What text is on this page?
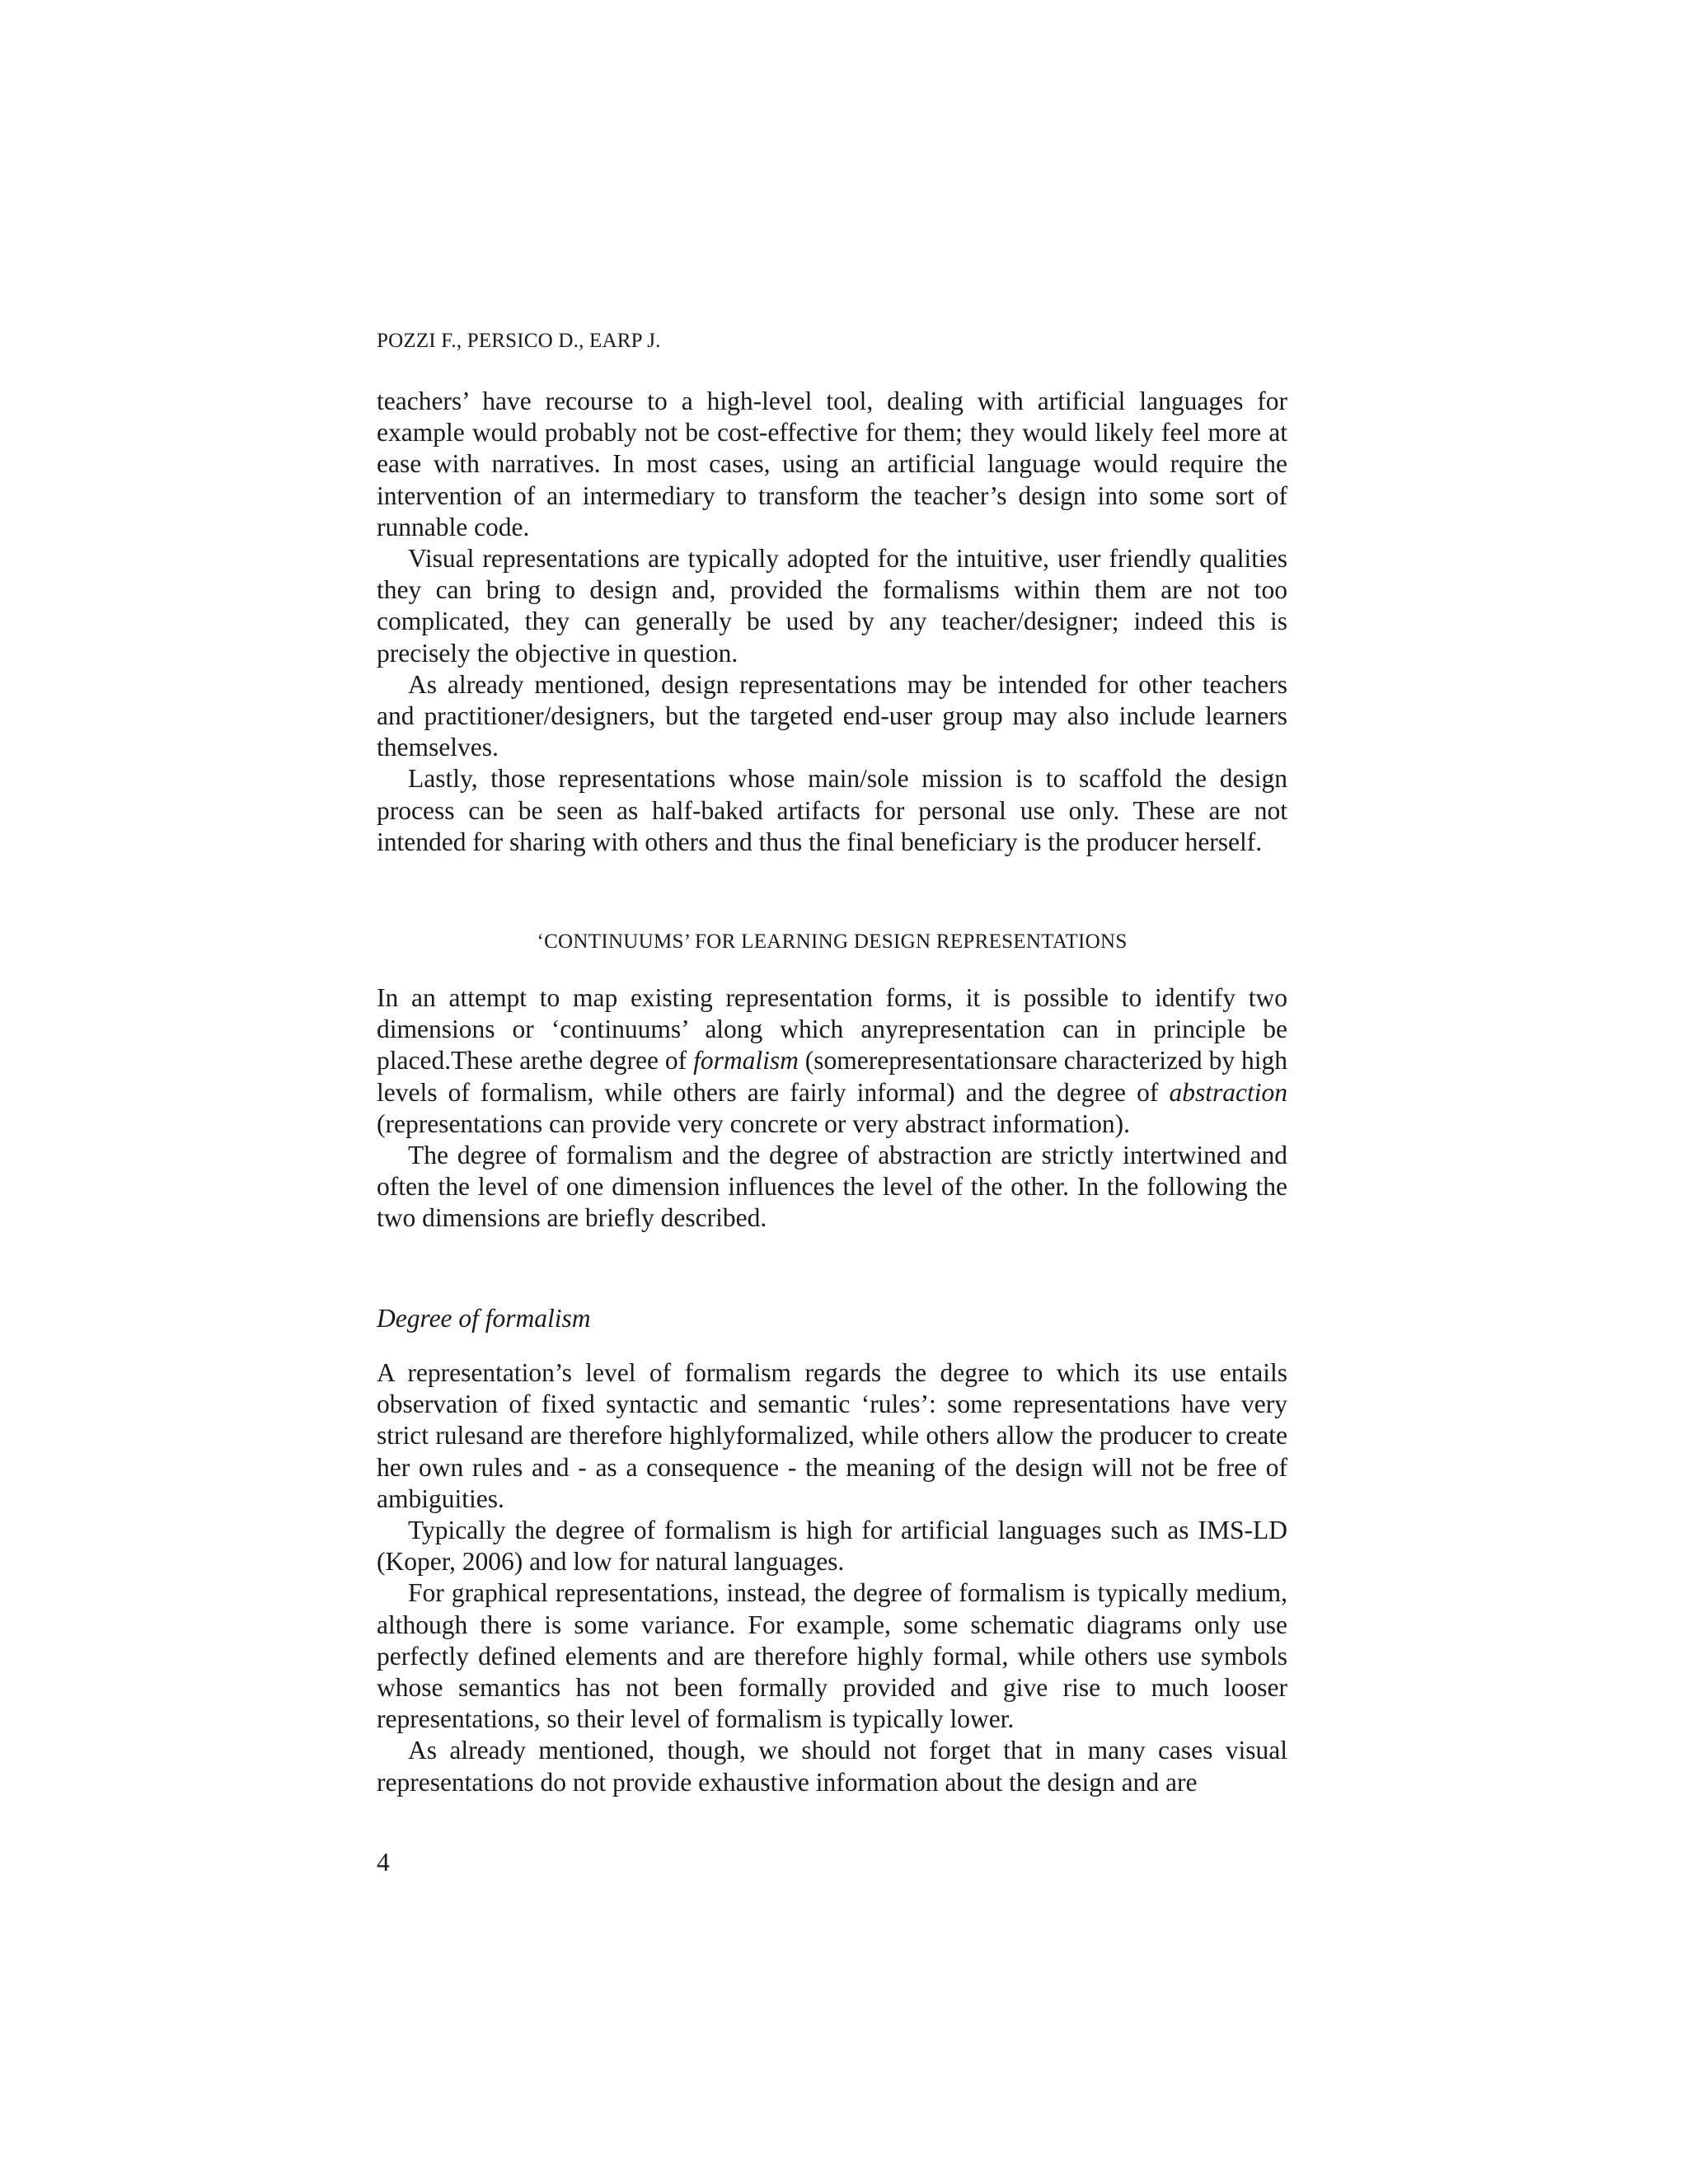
POZZI F., PERSICO D., EARP J.

teachers’ have recourse to a high-level tool, dealing with artificial languages for example would probably not be cost-effective for them; they would likely feel more at ease with narratives. In most cases, using an artificial language would require the intervention of an intermediary to transform the teacher’s design into some sort of runnable code.

Visual representations are typically adopted for the intuitive, user friendly qualities they can bring to design and, provided the formalisms within them are not too complicated, they can generally be used by any teacher/designer; indeed this is precisely the objective in question.

As already mentioned, design representations may be intended for other teachers and practitioner/designers, but the targeted end-user group may also include learners themselves.

Lastly, those representations whose main/sole mission is to scaffold the design process can be seen as half-baked artifacts for personal use only. These are not intended for sharing with others and thus the final beneficiary is the producer herself.

‘CONTINUUMS’ FOR LEARNING DESIGN REPRESENTATIONS

In an attempt to map existing representation forms, it is possible to identify two dimensions or ‘continuums’ along which anyrepresentation can in principle be placed.These arethe degree of formalism (somerepresentationsare characterized by high levels of formalism, while others are fairly informal) and the degree of abstraction (representations can provide very concrete or very abstract information).

The degree of formalism and the degree of abstraction are strictly intertwined and often the level of one dimension influences the level of the other. In the following the two dimensions are briefly described.

Degree of formalism

A representation’s level of formalism regards the degree to which its use entails observation of fixed syntactic and semantic ‘rules’: some representations have very strict rulesand are therefore highlyformalized, while others allow the producer to create her own rules and - as a consequence - the meaning of the design will not be free of ambiguities.

Typically the degree of formalism is high for artificial languages such as IMS-LD (Koper, 2006) and low for natural languages.

For graphical representations, instead, the degree of formalism is typically medium, although there is some variance. For example, some schematic diagrams only use perfectly defined elements and are therefore highly formal, while others use symbols whose semantics has not been formally provided and give rise to much looser representations, so their level of formalism is typically lower.

As already mentioned, though, we should not forget that in many cases visual representations do not provide exhaustive information about the design and are

4
